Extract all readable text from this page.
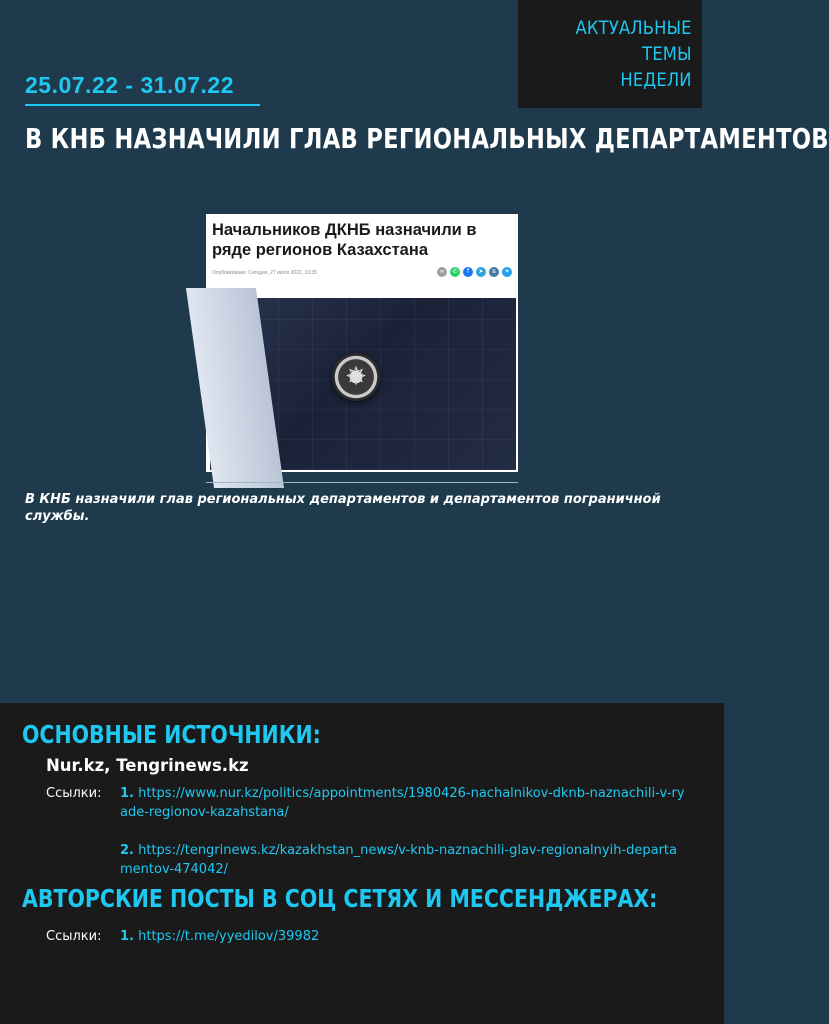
АКТУАЛЬНЫЕ ТЕМЫ
НЕДЕЛИ
25.07.22 - 31.07.22
В КНБ НАЗНАЧИЛИ ГЛАВ РЕГИОНАЛЬНЫХ ДЕПАРТАМЕНТОВ
Начальников ДКНБ назначили в ряде регионов Казахстана
Опубликовано: Сегодня, 27 июля 2022, 13:35	∞	✆	f	➤	в	✦
✵
В КНБ назначили глав региональных департаментов и департаментов пограничной службы.
ОСНОВНЫЕ ИСТОЧНИКИ:
Nur.kz, Tengrinews.kz
Ссылки: 1. https://www.nur.kz/politics/appointments/1980426-nachalnikov-dknb-naznachili-v-ryade-regionov-kazahstana/
2. https://tengrinews.kz/kazakhstan_news/v-knb-naznachili-glav-regionalnyih-departamentov-474042/
АВТОРСКИЕ ПОСТЫ В СОЦ СЕТЯХ И МЕССЕНДЖЕРАХ:
Ссылки: 1. https://t.me/yyedilov/39982
